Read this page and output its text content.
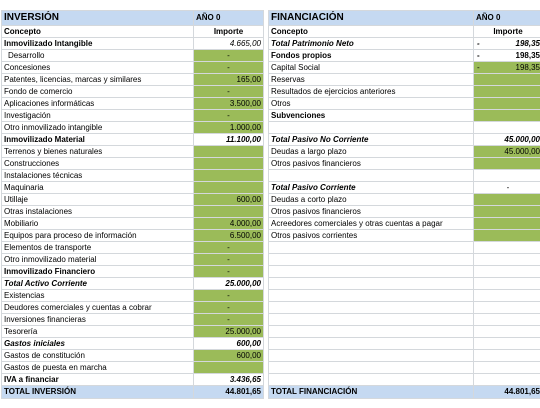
INVERSIÓN	AÑO 0
Concepto	Importe
Inmovilizado Intangible	4.665,00
Desarrollo	-
Concesiones	-
Patentes, licencias, marcas y similares	165,00
Fondo de comercio	-
Aplicaciones informáticas	3.500,00
Investigación	-
Otro inmovilizado intangible	1.000,00
Inmovilizado Material	11.100,00
Terrenos y bienes naturales	
Construcciones	
Instalaciones técnicas	
Maquinaria	
Utillaje	600,00
Otras instalaciones	
Mobiliario	4.000,00
Equipos para proceso de información	6.500,00
Elementos de transporte	-
Otro inmovilizado material	-
Inmovilizado Financiero	-
Total Activo Corriente	25.000,00
Existencias	-
Deudores comerciales y cuentas a cobrar	-
Inversiones financieras	-
Tesorería	25.000,00
Gastos iniciales	600,00
Gastos de constitución	600,00
Gastos de puesta en marcha	
IVA a financiar	3.436,65
TOTAL INVERSIÓN	44.801,65
FINANCIACIÓN	AÑO 0
Concepto	Importe
Total Patrimonio Neto	- 198,35
Fondos propios	- 198,35
Capital Social	- 198,35
Reservas	
Resultados de ejercicios anteriores	
Otros	
Subvenciones	

Total Pasivo No Corriente	45.000,00
Deudas a largo plazo	45.000,00
Otros pasivos financieros	

Total Pasivo Corriente	-
Deudas a corto plazo	
Otros pasivos financieros	
Acreedores comerciales y otras cuentas a pagar	
Otros pasivos corrientes	

TOTAL FINANCIACIÓN	44.801,65
